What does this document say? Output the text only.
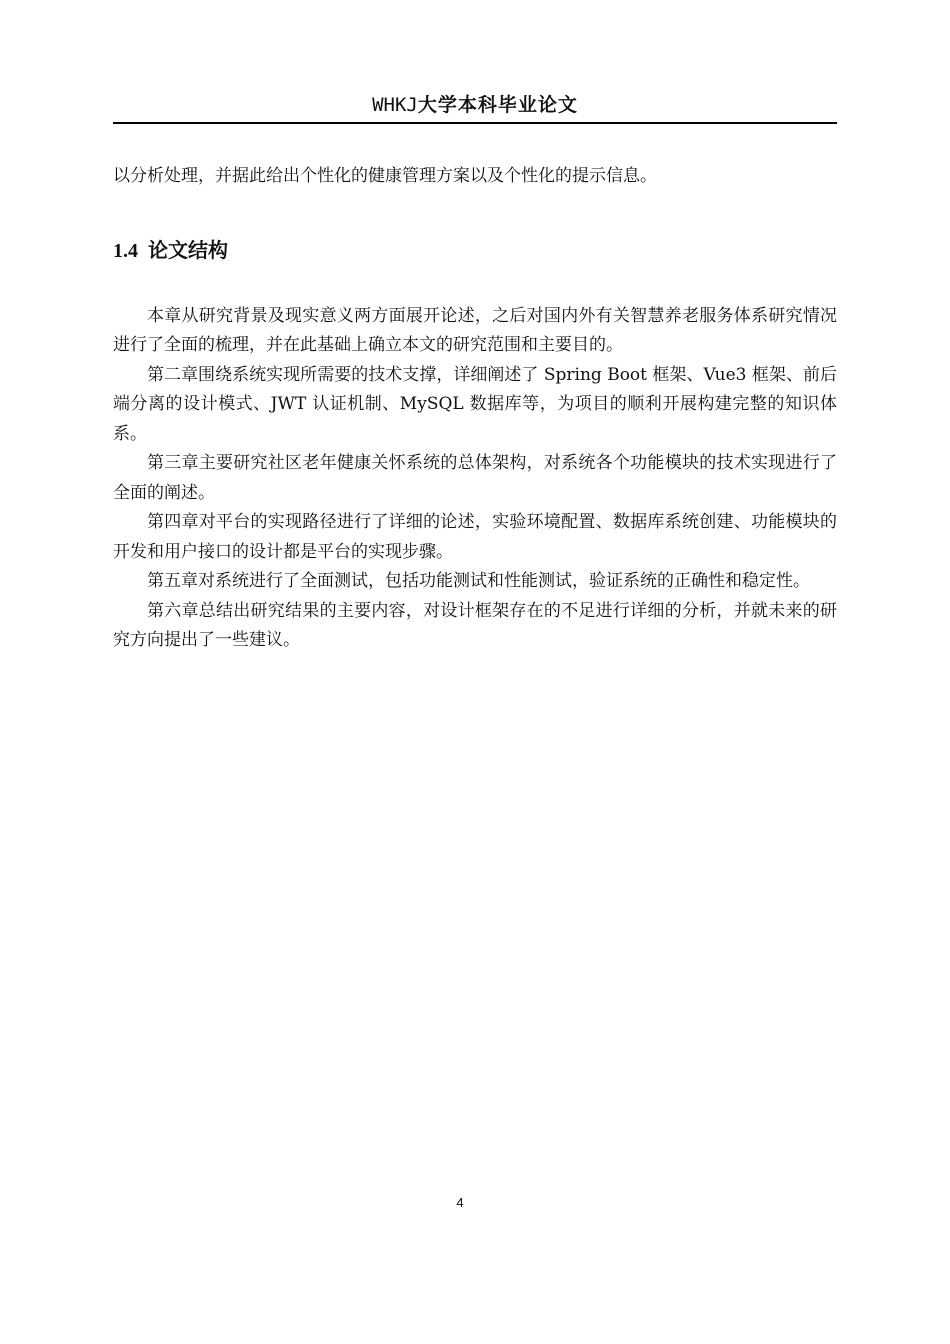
WHKJ大学本科毕业论文

以分析处理，并据此给出个性化的健康管理方案以及个性化的提示信息。

1.4 论文结构

本章从研究背景及现实意义两方面展开论述，之后对国内外有关智慧养老服务体系研究情况进行了全面的梳理，并在此基础上确立本文的研究范围和主要目的。

第二章围绕系统实现所需要的技术支撑，详细阐述了 Spring Boot 框架、Vue3 框架、前后端分离的设计模式、JWT 认证机制、MySQL 数据库等，为项目的顺利开展构建完整的知识体系。

第三章主要研究社区老年健康关怀系统的总体架构，对系统各个功能模块的技术实现进行了全面的阐述。

第四章对平台的实现路径进行了详细的论述，实验环境配置、数据库系统创建、功能模块的开发和用户接口的设计都是平台的实现步骤。

第五章对系统进行了全面测试，包括功能测试和性能测试，验证系统的正确性和稳定性。

第六章总结出研究结果的主要内容，对设计框架存在的不足进行详细的分析，并就未来的研究方向提出了一些建议。

4
